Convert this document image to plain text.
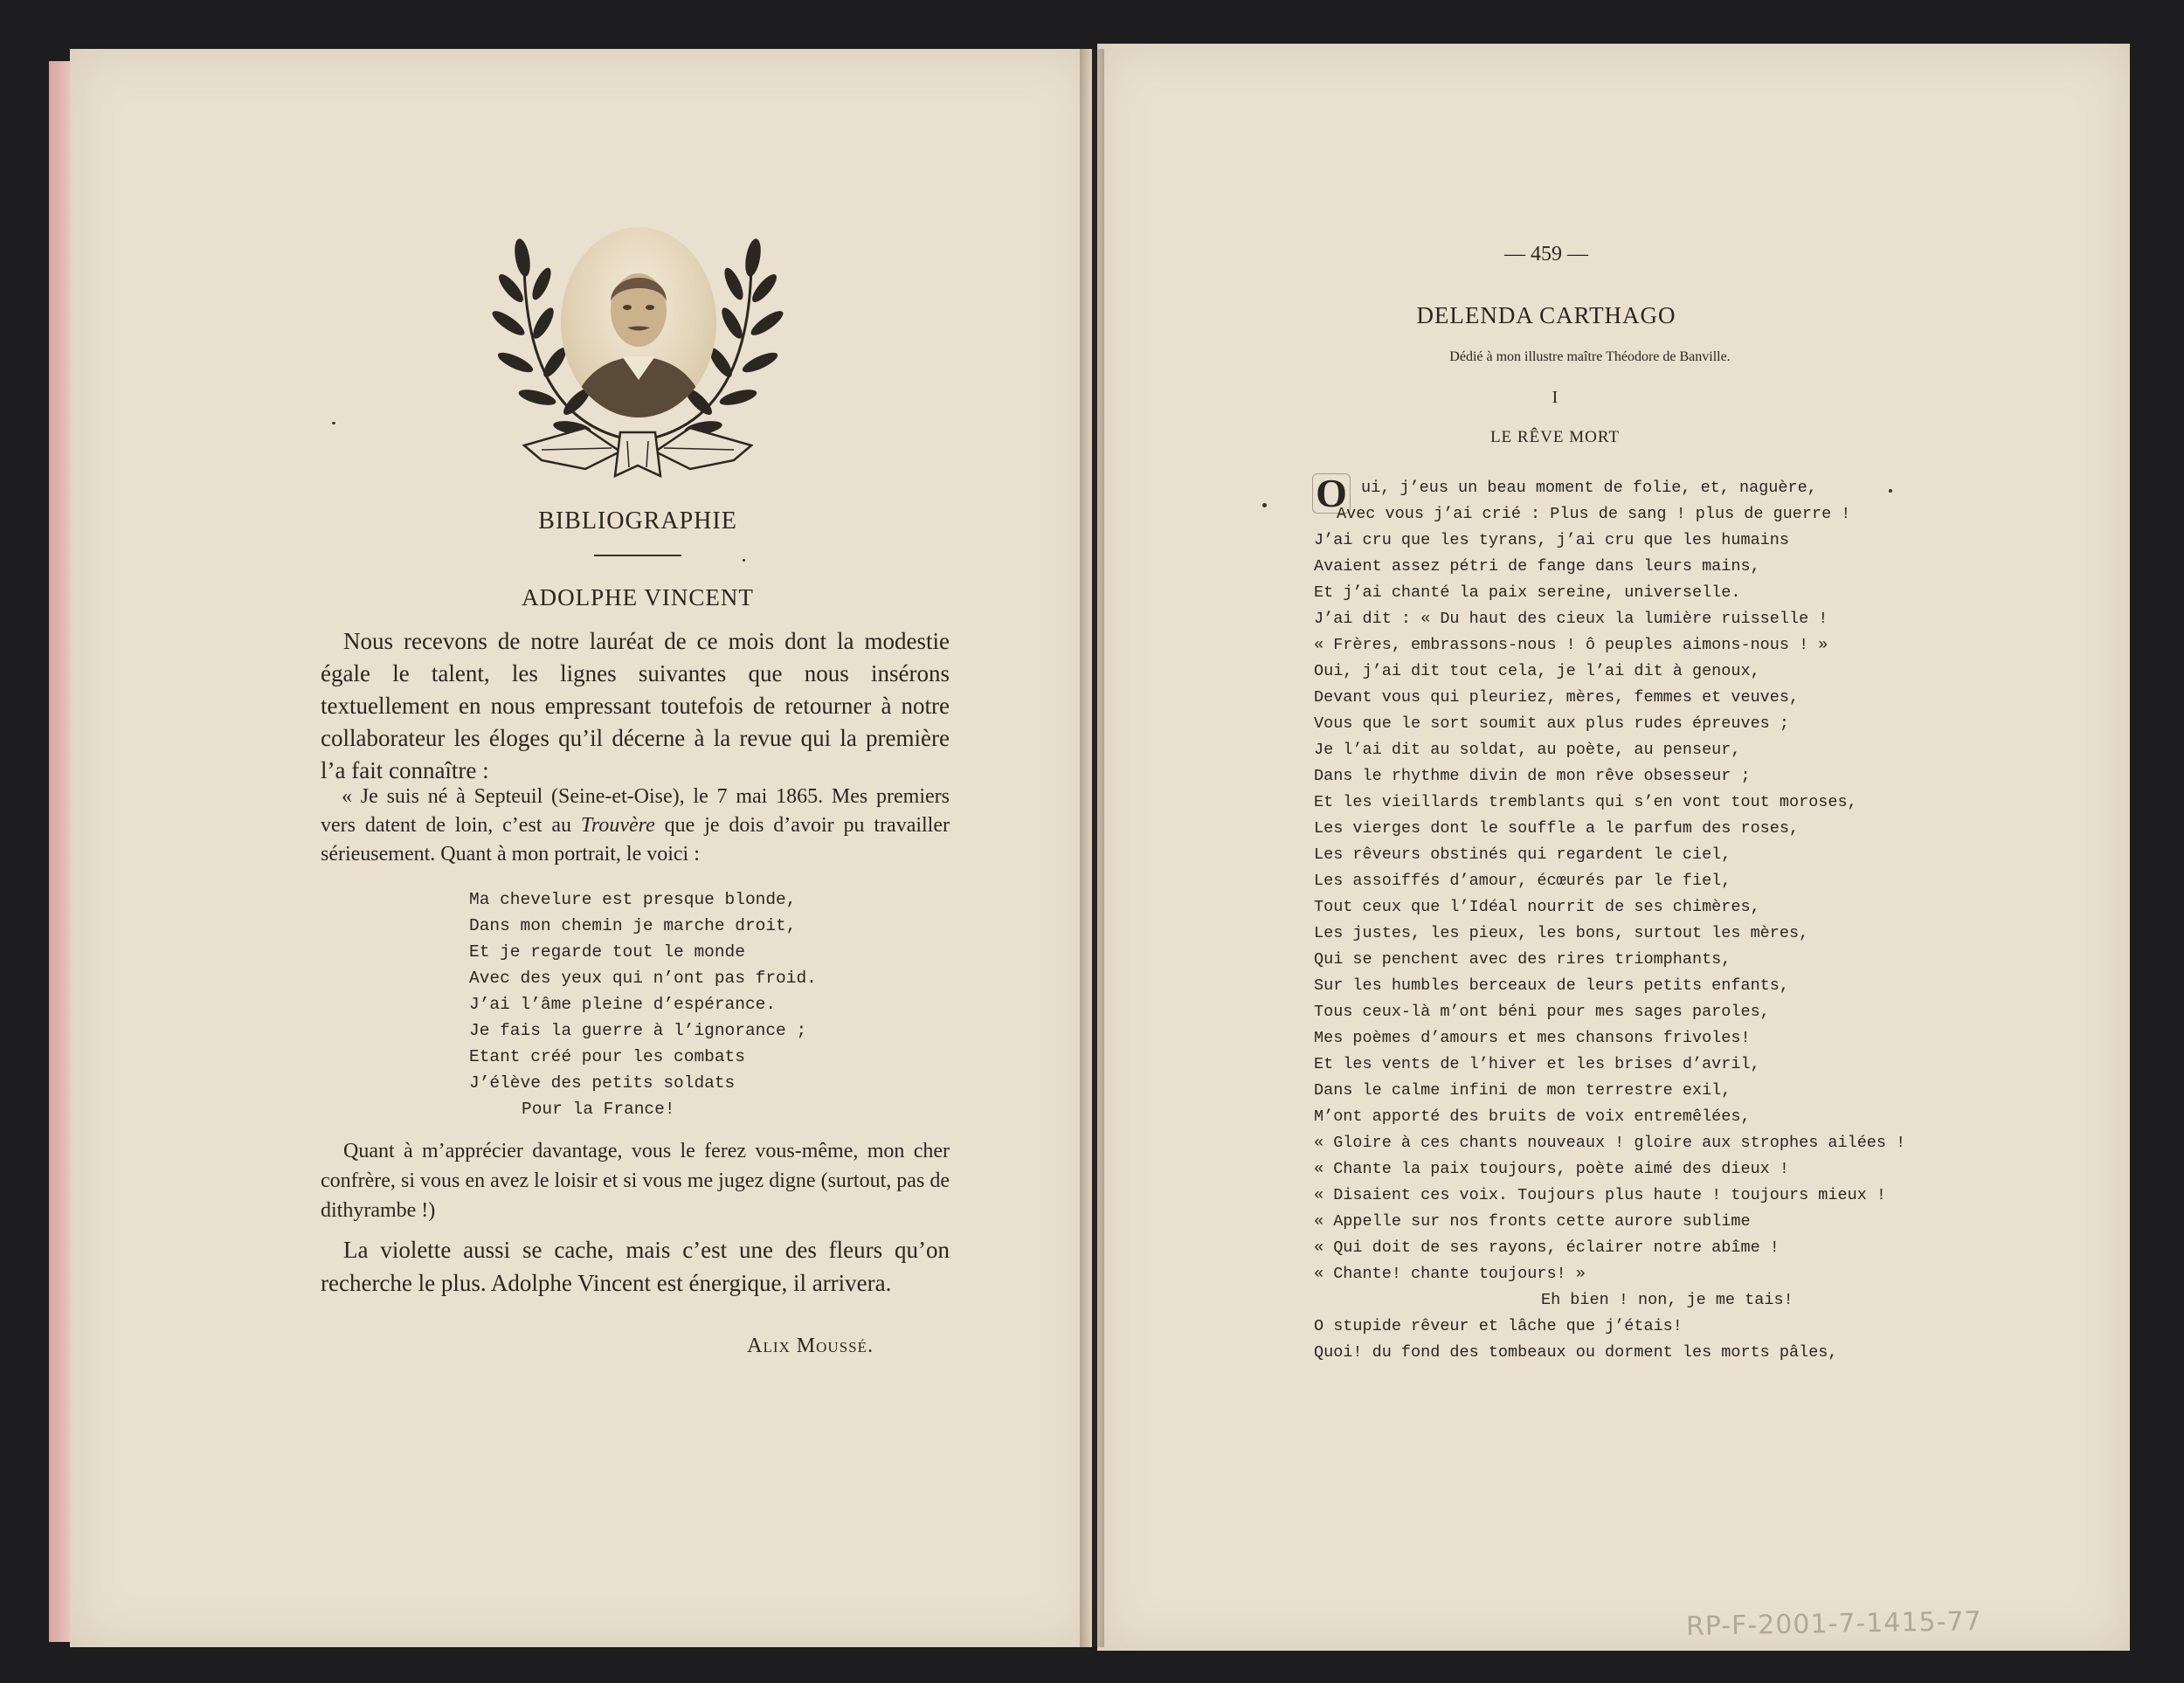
BIBLIOGRAPHIE
ADOLPHE VINCENT
Nous recevons de notre lauréat de ce mois dont la modestie égale le talent, les lignes suivantes que nous insérons textuellement en nous empressant toutefois de retourner à notre collaborateur les éloges qu’il décerne à la revue qui la première l’a fait connaître :
« Je suis né à Septeuil (Seine-et-Oise), le 7 mai 1865. Mes premiers vers datent de loin, c’est au Trouvère que je dois d’avoir pu travailler sérieusement. Quant à mon portrait, le voici :
Ma chevelure est presque blonde,
Dans mon chemin je marche droit,
Et je regarde tout le monde
Avec des yeux qui n’ont pas froid.
J’ai l’âme pleine d’espérance.
Je fais la guerre à l’ignorance ;
Etant créé pour les combats
J’élève des petits soldats
Pour la France!
Quant à m’apprécier davantage, vous le ferez vous-même, mon cher confrère, si vous en avez le loisir et si vous me jugez digne (surtout, pas de dithyrambe !)
La violette aussi se cache, mais c’est une des fleurs qu’on recherche le plus. Adolphe Vincent est énergique, il arrivera.
Alix Moussé.
— 459 —
DELENDA CARTHAGO
Dédié à mon illustre maître Théodore de Banville.
I
LE RÊVE MORT
O ui, j’eus un beau moment de folie, et, naguère,
Avec vous j’ai crié : Plus de sang ! plus de guerre !
J’ai cru que les tyrans, j’ai cru que les humains
Avaient assez pétri de fange dans leurs mains,
Et j’ai chanté la paix sereine, universelle.
J’ai dit : « Du haut des cieux la lumière ruisselle !
« Frères, embrassons-nous ! ô peuples aimons-nous ! »
Oui, j’ai dit tout cela, je l’ai dit à genoux,
Devant vous qui pleuriez, mères, femmes et veuves,
Vous que le sort soumit aux plus rudes épreuves ;
Je l’ai dit au soldat, au poète, au penseur,
Dans le rhythme divin de mon rêve obsesseur ;
Et les vieillards tremblants qui s’en vont tout moroses,
Les vierges dont le souffle a le parfum des roses,
Les rêveurs obstinés qui regardent le ciel,
Les assoiffés d’amour, écœurés par le fiel,
Tout ceux que l’Idéal nourrit de ses chimères,
Les justes, les pieux, les bons, surtout les mères,
Qui se penchent avec des rires triomphants,
Sur les humbles berceaux de leurs petits enfants,
Tous ceux-là m’ont béni pour mes sages paroles,
Mes poèmes d’amours et mes chansons frivoles!
Et les vents de l’hiver et les brises d’avril,
Dans le calme infini de mon terrestre exil,
M’ont apporté des bruits de voix entremêlées,
« Gloire à ces chants nouveaux ! gloire aux strophes ailées !
« Chante la paix toujours, poète aimé des dieux !
« Disaient ces voix. Toujours plus haute ! toujours mieux !
« Appelle sur nos fronts cette aurore sublime
« Qui doit de ses rayons, éclairer notre abîme !
« Chante! chante toujours! »
Eh bien ! non, je me tais!
O stupide rêveur et lâche que j’étais!
Quoi! du fond des tombeaux ou dorment les morts pâles,
RP-F-2001-7-1415-77
